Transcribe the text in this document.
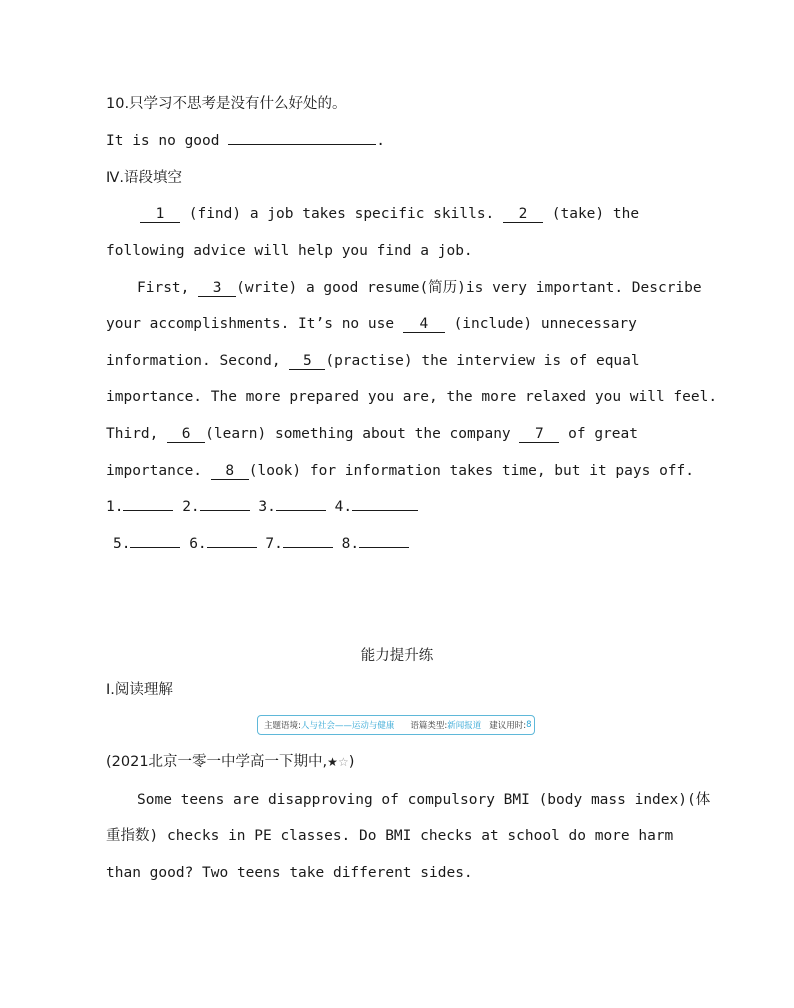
10.只学习不思考是没有什么好处的。
It is no good	.
Ⅳ.语段填空
1 (find) a job takes specific skills. 2 (take) the
following advice will help you find a job.
First, 3 (write) a good resume(简历)is very important. Describe
your accomplishments. It’s no use 4 (include) unnecessary
information. Second, 5 (practise) the interview is of equal
importance. The more prepared you are, the more relaxed you will feel.
Third, 6 (learn) something about the company 7 of great
importance. 8 (look) for information takes time, but it pays off.
1.	2.	3.	4.
5.	6.	7.	8.
能力提升练
Ⅰ.阅读理解
主题语境: 人与社会——运动与健康 语篇类型: 新闻报道 建议用时: 8
(2021北京一零一中学高一下期中,★☆)
Some teens are disapproving of compulsory BMI (body mass index)(体
重指数) checks in PE classes. Do BMI checks at school do more harm
than good? Two teens take different sides.
